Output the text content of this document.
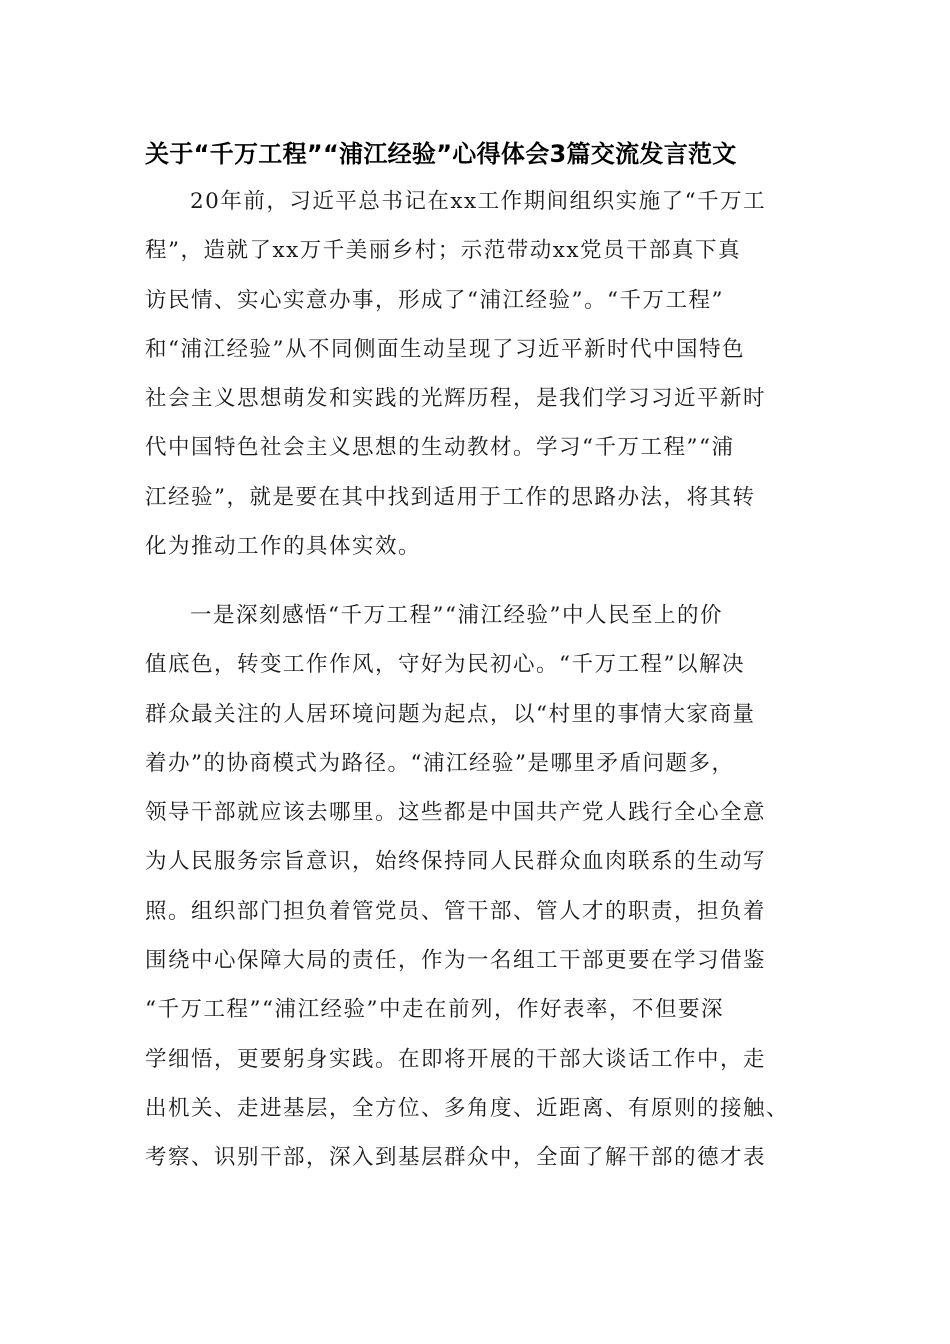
关于“千万工程”“浦江经验”心得体会3篇交流发言范文
20年前，习近平总书记在xx工作期间组织实施了“千万工
程”，造就了xx万千美丽乡村；示范带动xx党员干部真下真
访民情、实心实意办事，形成了“浦江经验”。“千万工程”
和“浦江经验”从不同侧面生动呈现了习近平新时代中国特色
社会主义思想萌发和实践的光辉历程，是我们学习习近平新时
代中国特色社会主义思想的生动教材。学习“千万工程”“浦
江经验”，就是要在其中找到适用于工作的思路办法，将其转
化为推动工作的具体实效。
一是深刻感悟“千万工程”“浦江经验”中人民至上的价
值底色，转变工作作风，守好为民初心。“千万工程”以解决
群众最关注的人居环境问题为起点，以“村里的事情大家商量
着办”的协商模式为路径。“浦江经验”是哪里矛盾问题多，
领导干部就应该去哪里。这些都是中国共产党人践行全心全意
为人民服务宗旨意识，始终保持同人民群众血肉联系的生动写
照。组织部门担负着管党员、管干部、管人才的职责，担负着
围绕中心保障大局的责任，作为一名组工干部更要在学习借鉴
“千万工程”“浦江经验”中走在前列，作好表率，不但要深
学细悟，更要躬身实践。在即将开展的干部大谈话工作中，走
出机关、走进基层，全方位、多角度、近距离、有原则的接触、
考察、识别干部，深入到基层群众中，全面了解干部的德才表
